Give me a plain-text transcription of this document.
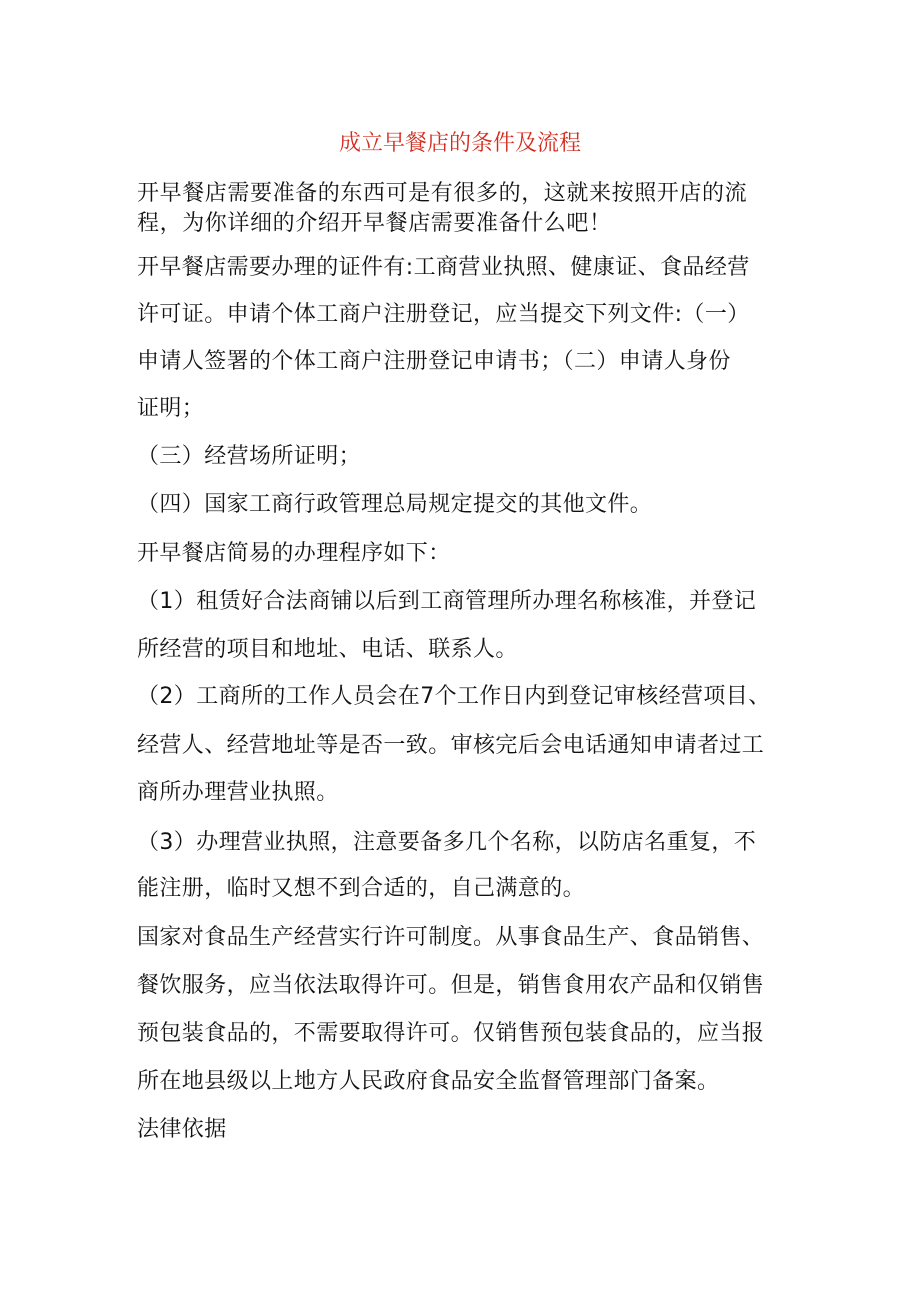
成立早餐店的条件及流程

开早餐店需要准备的东西可是有很多的，这就来按照开店的流

程，为你详细的介绍开早餐店需要准备什么吧！

开早餐店需要办理的证件有:工商营业执照、健康证、食品经营

许可证。申请个体工商户注册登记，应当提交下列文件:（一）

申请人签署的个体工商户注册登记申请书；（二）申请人身份

证明；

（三）经营场所证明；

（四）国家工商行政管理总局规定提交的其他文件。

开早餐店简易的办理程序如下：

（1）租赁好合法商铺以后到工商管理所办理名称核准，并登记

所经营的项目和地址、电话、联系人。

（2）工商所的工作人员会在7个工作日内到登记审核经营项目、

经营人、经营地址等是否一致。审核完后会电话通知申请者过工

商所办理营业执照。

（3）办理营业执照，注意要备多几个名称，以防店名重复，不

能注册，临时又想不到合适的，自己满意的。

国家对食品生产经营实行许可制度。从事食品生产、食品销售、

餐饮服务，应当依法取得许可。但是，销售食用农产品和仅销售

预包装食品的，不需要取得许可。仅销售预包装食品的，应当报

所在地县级以上地方人民政府食品安全监督管理部门备案。

法律依据
